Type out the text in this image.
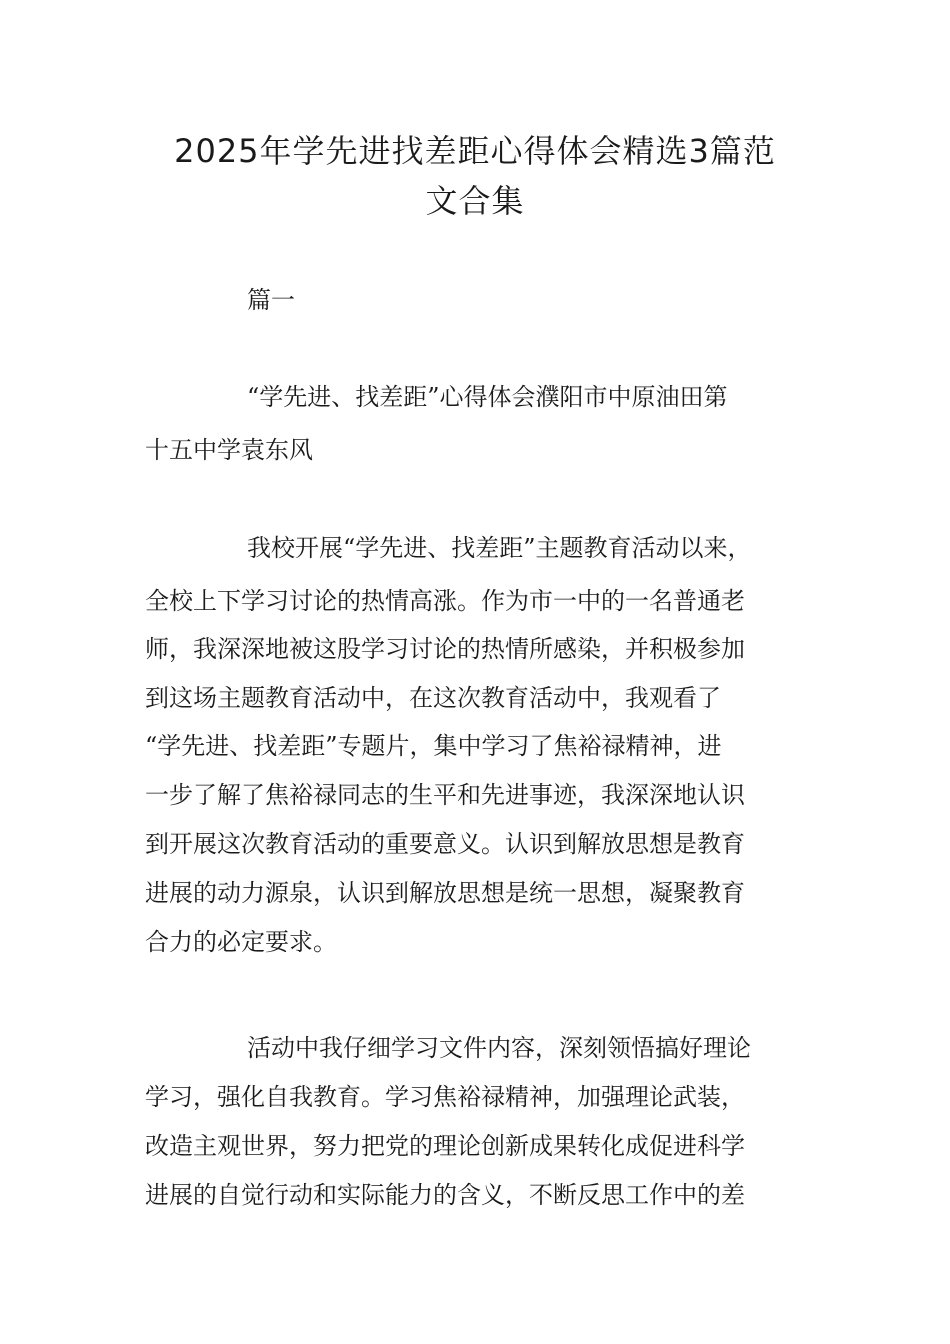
2025年学先进找差距心得体会精选3篇范
文合集

篇一

“学先进、找差距”心得体会濮阳市中原油田第

十五中学袁东风

我校开展“学先进、找差距”主题教育活动以来，

全校上下学习讨论的热情高涨。作为市一中的一名普通老

师，我深深地被这股学习讨论的热情所感染，并积极参加

到这场主题教育活动中，在这次教育活动中，我观看了

“学先进、找差距”专题片，集中学习了焦裕禄精神，进

一步了解了焦裕禄同志的生平和先进事迹，我深深地认识

到开展这次教育活动的重要意义。认识到解放思想是教育

进展的动力源泉，认识到解放思想是统一思想，凝聚教育

合力的必定要求。

活动中我仔细学习文件内容，深刻领悟搞好理论

学习，强化自我教育。学习焦裕禄精神，加强理论武装，

改造主观世界，努力把党的理论创新成果转化成促进科学

进展的自觉行动和实际能力的含义，不断反思工作中的差
